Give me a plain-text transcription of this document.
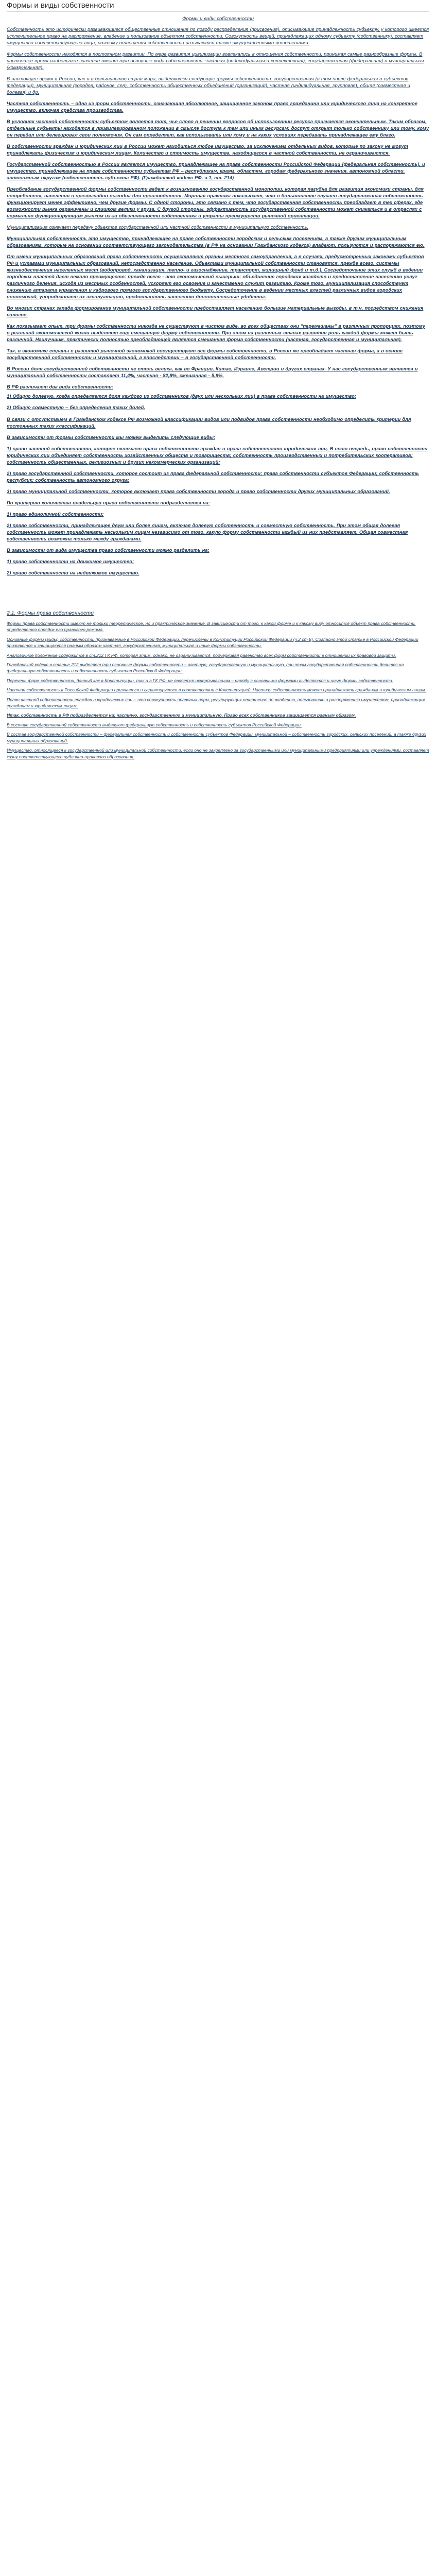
Формы и виды собственности
Формы и виды собственности

Собственность это исторически развивающиеся общественные отношения по поводу распределения (присвоения), описывающие принадлежность субъекту, у которого имеется исключительное право на распоряжение, владение и пользование объектом собственности. Совокупность вещей, принадлежащих одному субъекту (собственнику), составляет имущество соответствующего лица, поэтому отношения собственности называются также имущественными отношениями.

Формы собственности находятся в постоянном развитии. По мере развития цивилизации вовлекались в отношения собственности, принимая самые разнообразные формы. В настоящее время наибольшее значение имеют три основные вида собственности: частная (индивидуальная и коллективная), государственная (федеральная) и муниципальная (коммунальная).

В настоящее время в России, как и в большинстве стран мира, выделяются следующие формы собственности: государственная (в том числе федеральная и субъектов Федерации), муниципальная (городов, районов, сел), собственность общественных объединений (организаций), частная (индивидуальная, групповая), общая (совместная и долевая) и др.

Частная собственность – одна из форм собственности, означающая абсолютное, защищенное законом право гражданина или юридического лица на конкретное имущество, включая средства производства.

В условиях частной собственности субъектом является тот, чье слово в решении вопросов об использовании ресурса признается окончательным. Таким образом, отдельные субъекты находятся в привилегированном положении в смысле доступа к тем или иным ресурсам: доступ открыт только собственнику или тому, кому он передал или делегировал свои полномочия. Он сам определяет, как использовать или кому и на каких условиях передавать принадлежащее ему благо.

В собственности граждан и юридических лиц в России может находиться любое имущество, за исключением отдельных видов, которые по закону не могут принадлежать физическим и юридическим лицам. Количество и стоимость имущества, находящегося в частной собственности, не ограничиваются.

Государственной собственностью в России является имущество, принадлежащее на праве собственности Российской Федерации (федеральная собственность), и имущество, принадлежащее на праве собственности субъектам РФ – республикам, краям, областям, городам федерального значения, автономной области, автономным округам (собственность субъекта РФ). (Гражданский кодекс РФ, ч.1, ст. 214)

Преобладание государственной формы собственности ведет к возникновению государственной монополии, которая пагубна для развития экономики страны, для потребителя, населения и чрезвычайно выгодна для производителя. Мировая практика показывает, что в большинстве случаев государственная собственность функционирует менее эффективно, чем другие формы. С одной стороны, это связано с тем, что государственная собственность преобладает в тех сферах, где возможности рынка ограничены и слишком велики у груза. С другой стороны, эффективность государственной собственности может снижаться и в отраслях с нормально функционирующим рынком из-за обезличенности собственника и утраты преимуществ рыночной ориентации.

Муниципализация означает передачу объектов государственной или частной собственности в муниципальную собственность.

Муниципальная собственность это имущество, принадлежащее на праве собственности городским и сельским поселениям, а также другим муниципальным образованиям, которые на основании соответствующего законодательства (в РФ на основании Гражданского кодекса) владеют, пользуются и распоряжаются ею.

От имени муниципальных образований права собственности осуществляют органы местного самоуправления, а в случаях, предусмотренных законами субъектов РФ и уставами муниципальных образований, непосредственно население. Объектами муниципальной собственности становятся, прежде всего, системы жизнеобеспечения населенных мест (водопровод, канализация, тепло- и газоснабжение, транспорт, жилищный фонд и т.д.). Сосредоточение этих служб в ведении городских властей дает немало преимуществ: прежде всего - это экономический выигрыш: объединение городских хозяйств и предоставление населению услуг различного деления, исходя из местных особенностей, ускоряет его освоение и качественно служит развитию. Кроме того, муниципализация способствует снижению аппарата управления и кадрового прямого государственного бюджету. Сосредоточение в ведении местных властей различных видов городских полномочий, упорядочивает их эксплуатацию, предоставлять населению дополнительные удобства.

Во многих странах запада формирование муниципальной собственности предоставляет населению большие материальные выгоды, в т.ч. посредством снижения налогов.

Как показывает опыт, три формы собственности никогда не существуют в чистом виде, во всех обществах они "перемешаны" в различных пропорциях, поэтому в реальной экономической жизни выделяют еще смешанную форму собственности. При этом на различных этапах развития роль каждой формы может быть различной. Наилучшим, практически полностью преобладающей является смешанная форма собственности (частная, государственная и муниципальная).

Так, в экономике страны с развитой рыночной экономикой сосуществуют все формы собственности, в России же преобладает частная форма, а в основе государственной собственности и муниципальной, а впоследствии – в государственной собственности.

В России доля государственной собственности не столь велика, как во Франции, Китае, Израиле, Австрии и других странах. У нас государственным является и муниципальной собственности составляет 11,4%, частная - 82,8%, смешанная - 5,8%.

В РФ различают два вида собственности:

1) Общую долевую, когда определяется доля каждого из собственников (двух или нескольких лиц) в праве собственности на имущество;

2) Общую совместную – без определения таких долей.

В связи с отсутствием в Гражданском кодексе РФ возможной классификации видов или подвидов права собственности необходимо определить критерии для постоянных таких классификаций.

В зависимости от формы собственности мы можем выделить следующие виды:

1) право частной собственности, которое включает права собственности граждан и права собственности юридических лиц. В свою очередь, право собственности юридических лиц объединяет собственность хозяйственных обществ и товариществ; собственность производственных и потребительских кооперативов; собственность общественных, религиозных и других некоммерческих организаций;

2) право государственной собственности, которое состоит из права федеральной собственности; права собственности субъектов Федерации; собственность республик; собственность автономного округа;

3) право муниципальной собственности, которое включает права собственности города и право собственности других муниципальных образований.

По критерию количества владельцев право собственности подразделяется на:

1) право единоличной собственности;

2) право собственности, принадлежащее двум или более лицам, включая долевую собственность и совместную собственность. При этом общая долевая собственность может принадлежать нескольким лицам независимо от того, какую форму собственности каждый из них представляет. Общая совместная собственность возможна только между гражданами.

В зависимости от вида имущества право собственности можно разделить на:

1) право собственности на движимое имущество;

2) право собственности на недвижимое имущество.

2.1. Формы права собственности

Формы права собственности имеют не только теоретическое, но и практическое значение. В зависимости от того, к какой форме и к какому виду относится объект права собственности, определяется порядок его правового режима.

Основные формы (виды) собственности, признаваемые в Российской Федерации, перечислены в Конституции Российской Федерации (ч.2 ст.8). Согласно этой статье в Российской Федерации признаются и защищаются равным образом частная, государственная, муниципальная и иные формы собственности.

Аналогичное положение содержится в ст.212 ГК РФ, которая этим, однако, не ограничивается, подчеркивая равенство всех форм собственности в отношении их правовой защиты.

Гражданский кодекс в статье 212 выделяет три основные формы собственности – частную, государственную и муниципальную, при этом государственная собственность делится на федеральную собственность и собственность субъектов Российской Федерации.

Перечень форм собственности, данный как в Конституции, так и в ГК РФ, не является исчерпывающим – наряду с основными формами выделяются и иные формы собственности.

Частная собственность в Российской Федерации признается и гарантируется в соответствии с Конституцией. Частная собственность может принадлежать гражданам и юридическим лицам.

Право частной собственности граждан и юридических лиц – это совокупность правовых норм, регулирующих отношения по владению, пользованию и распоряжению имуществом, принадлежащим гражданам и юридическим лицам.

Итак, собственность в РФ подразделяется на: частную, государственную и муниципальную. Право всех собственников защищается равным образом.

В составе государственной собственности выделяют федеральную собственность и собственность субъектов Российской Федерации.

В состав государственной собственности – федеральная собственность и собственность субъектов Федерации, муниципальной – собственность городских, сельских поселений, а также других муниципальных образований.

Имущество, относящееся к государственной или муниципальной собственности, если оно не закреплено за государственными или муниципальными предприятиями или учреждениями, составляет казну соответствующего публично-правового образования.
